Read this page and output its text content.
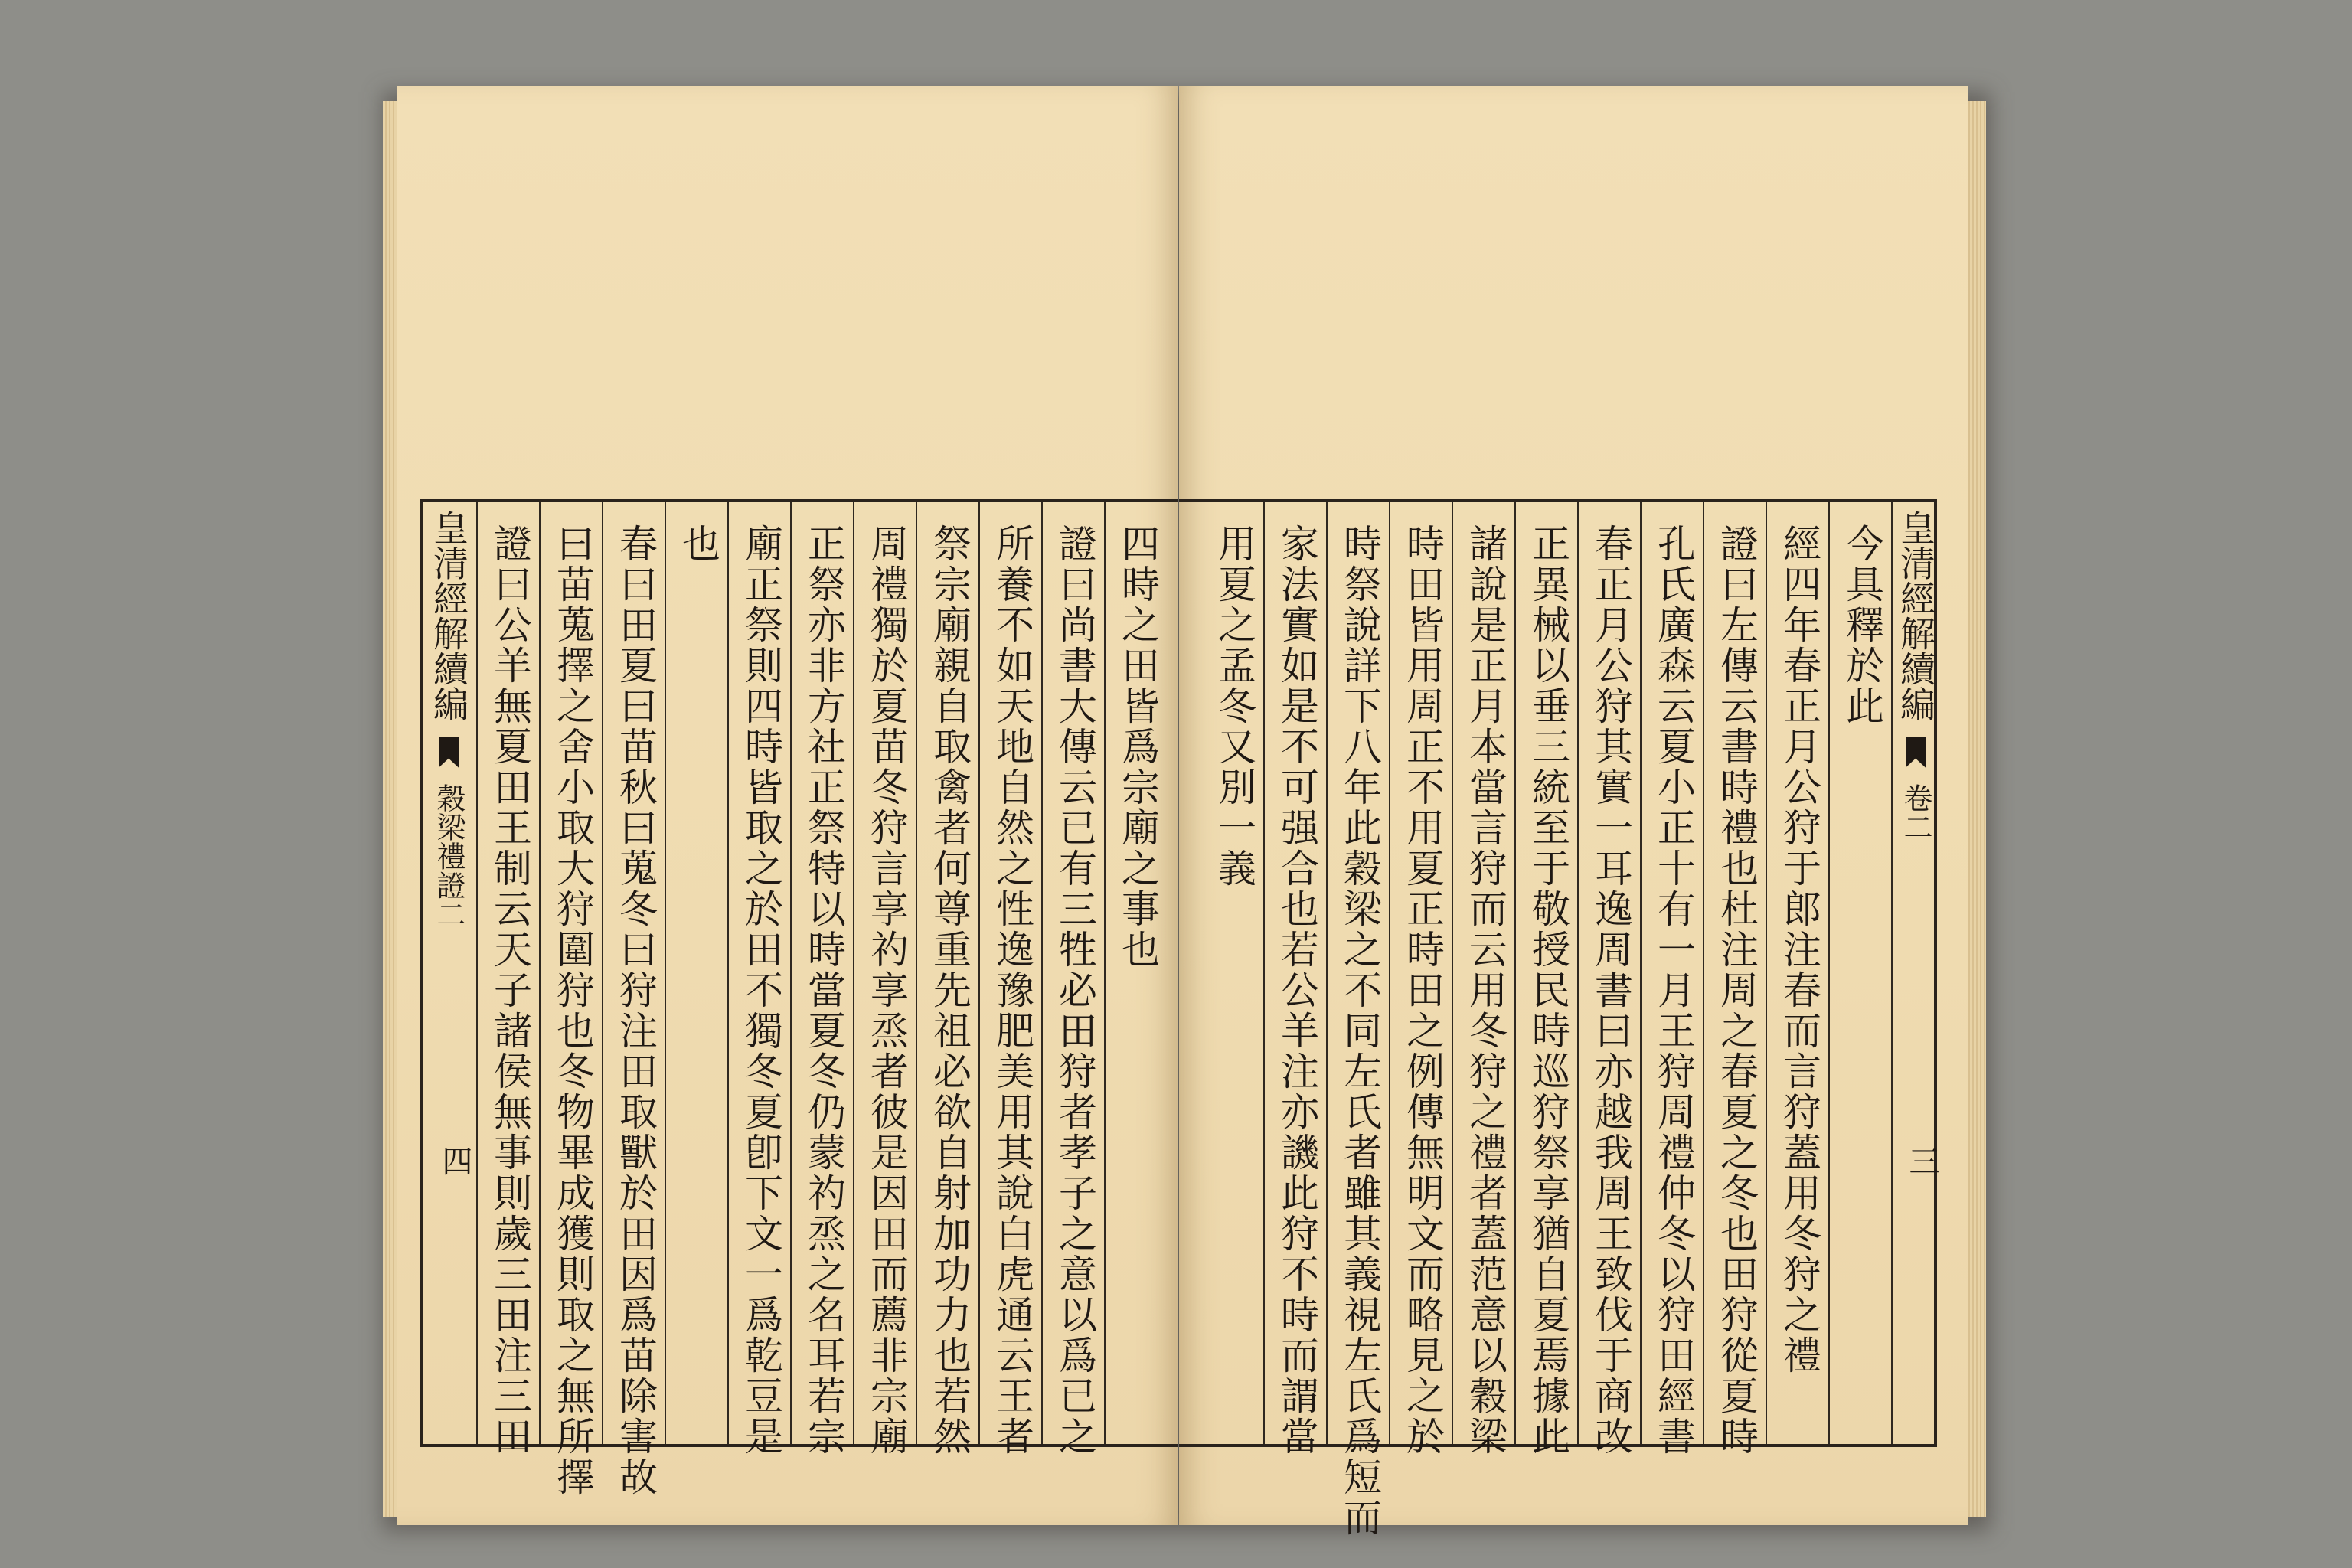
皇清經解續編  穀梁禮證二
四
四時之田皆爲宗廟之事也
證曰尚書大傳云已有三牲必田狩者孝子之意以爲已之
所養不如天地自然之性逸豫肥美用其說白虎通云王者
祭宗廟親自取禽者何尊重先祖必欲自射加功力也若然
周禮獨於夏苗冬狩言享礿享烝者彼是因田而薦非宗廟
正祭亦非方社正祭特以時當夏冬仍蒙礿烝之名耳若宗
廟正祭則四時皆取之於田不獨冬夏卽下文一爲乾豆是
也
春曰田夏曰苗秋曰蒐冬曰狩注田取獸於田因爲苗除害故
曰苗蒐擇之舍小取大狩圍狩也冬物畢成獲則取之無所擇
證曰公羊無夏田王制云天子諸侯無事則歲三田注三田	今具釋於此
經四年春正月公狩于郎注春而言狩蓋用冬狩之禮
證曰左傳云書時禮也杜注周之春夏之冬也田狩從夏時
孔氏廣森云夏小正十有一月王狩周禮仲冬以狩田經書
春正月公狩其實一耳逸周書曰亦越我周王致伐于商改
正異械以垂三統至于敬授民時巡狩祭享猶自夏焉據此
諸說是正月本當言狩而云用冬狩之禮者蓋范意以穀梁
時田皆用周正不用夏正時田之例傳無明文而略見之於
時祭說詳下八年此穀梁之不同左氏者雖其義視左氏爲短而
家法實如是不可强合也若公羊注亦譏此狩不時而謂當
用夏之孟冬又別一義	皇清經解續編  卷二
三
